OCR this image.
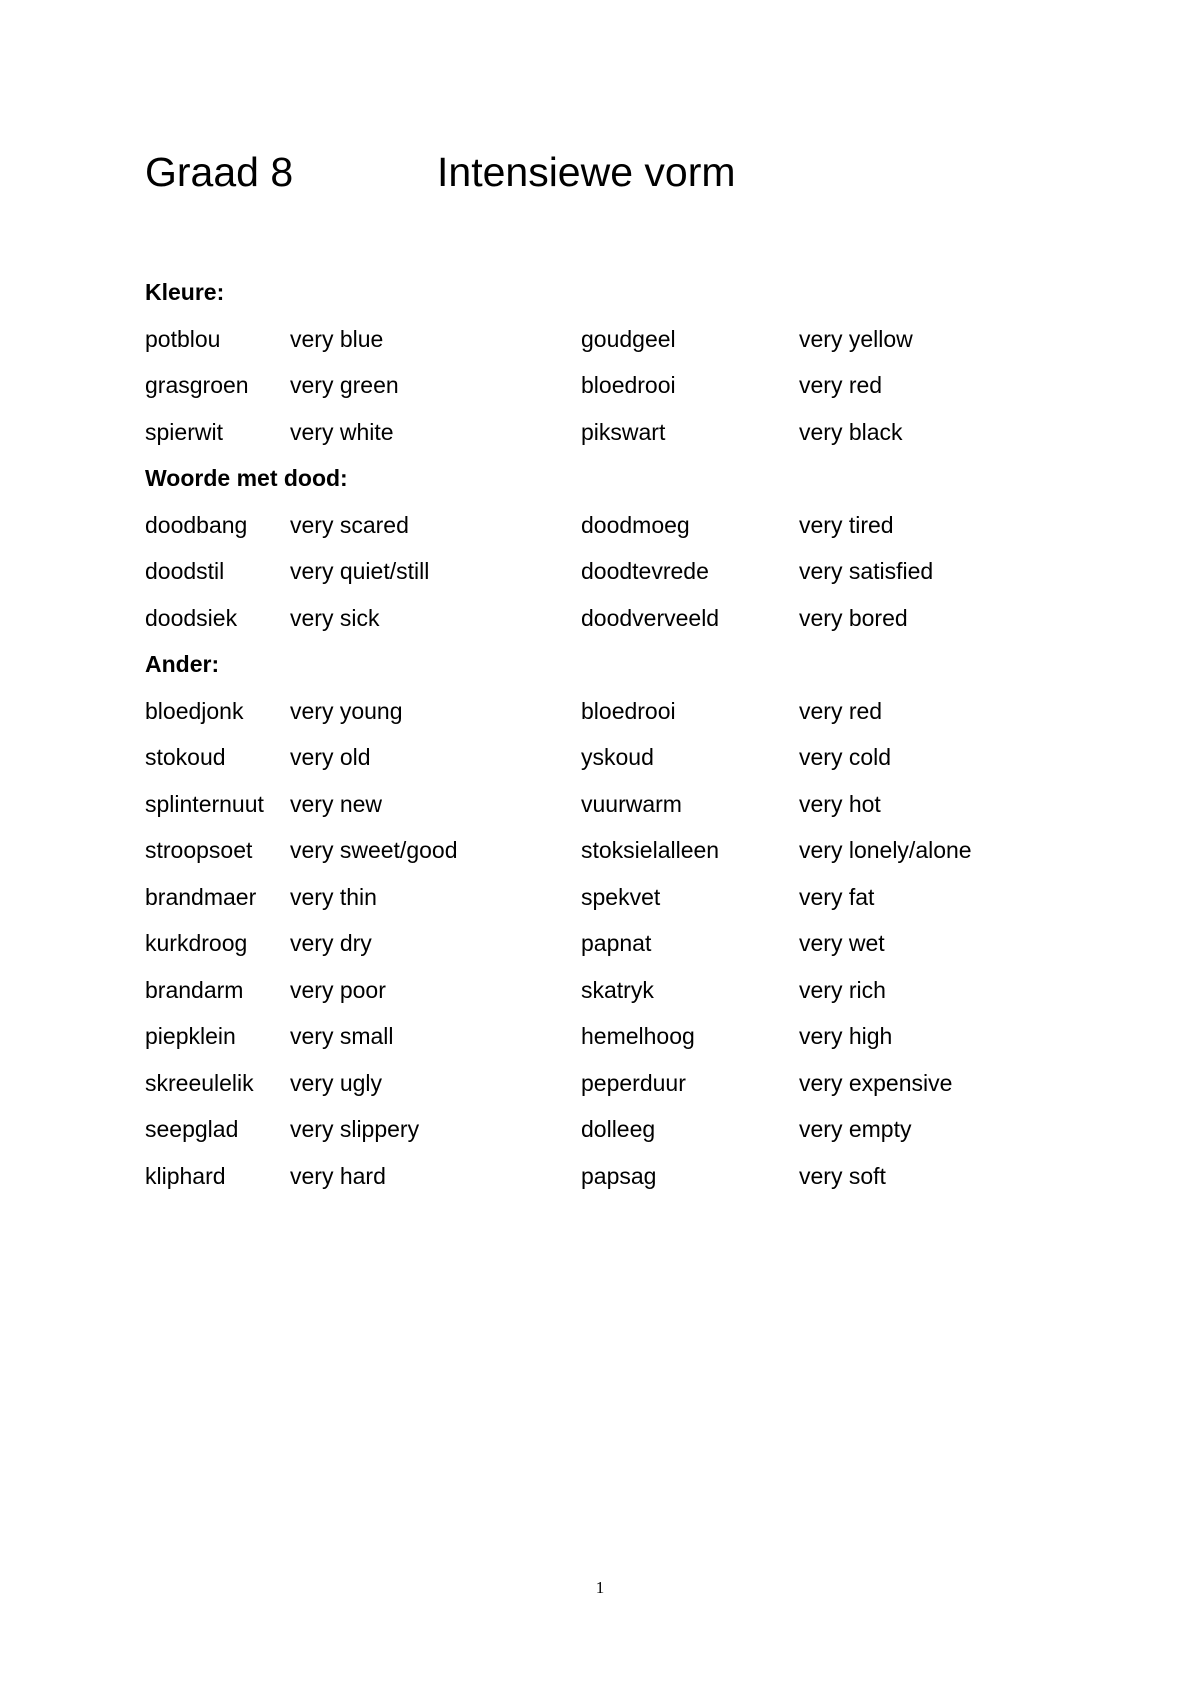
Graad 8	Intensiewe vorm
Kleure:
potblou	very blue	goudgeel	very yellow
grasgroen very green	bloedrooi	very red
spierwit	very white	pikswart	very black
Woorde met dood:
doodbang very scared	doodmoeg	very tired
doodstil	very quiet/still	doodtevrede	very satisfied
doodsiek very sick	doodverveeld	very bored
Ander:
bloedjonk very young	bloedrooi	very red
stokoud	very old	yskoud	very cold
splinternuut very new	vuurwarm	very hot
stroopsoet very sweet/good	stoksielalleen	very lonely/alone
brandmaer very thin	spekvet	very fat
kurkdroog very dry	papnat	very wet
brandarm very poor	skatryk	very rich
piepklein very small	hemelhoog	very high
skreeulelik very ugly	peperduur	very expensive
seepglad very slippery	dolleeg	very empty
kliphard	very hard	papsag	very soft
1
